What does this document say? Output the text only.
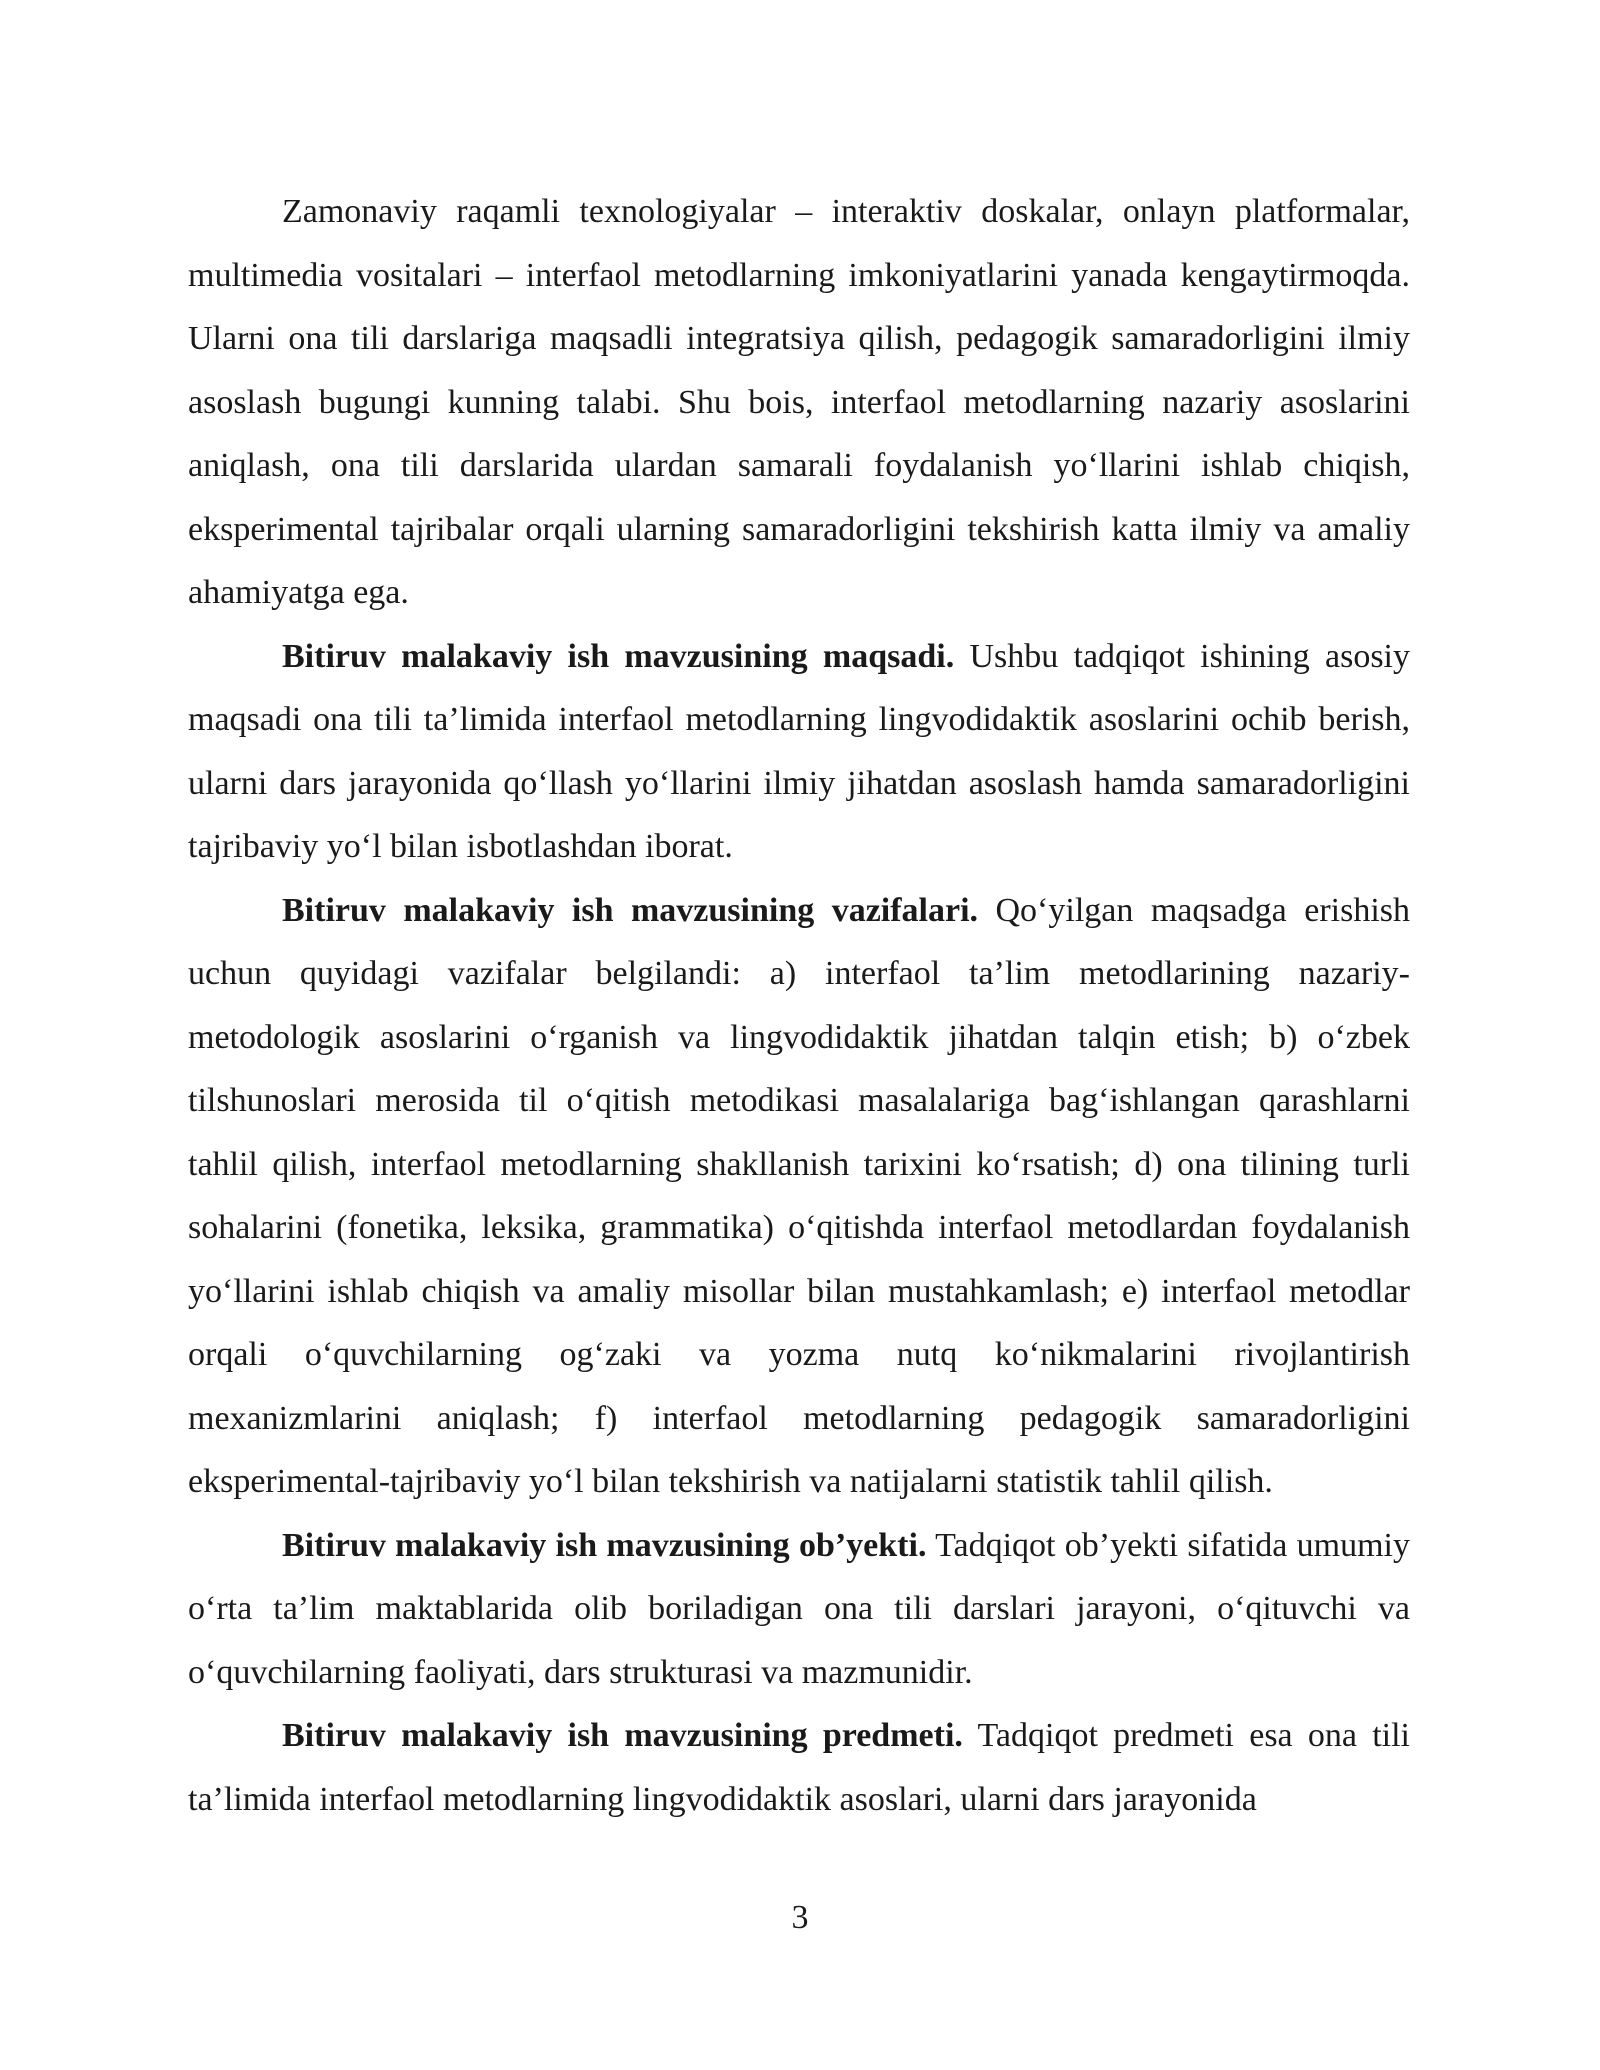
Zamonaviy raqamli texnologiyalar – interaktiv doskalar, onlayn platformalar, multimedia vositalari – interfaol metodlarning imkoniyatlarini yanada kengaytirmoqda. Ularni ona tili darslariga maqsadli integratsiya qilish, pedagogik samaradorligini ilmiy asoslash bugungi kunning talabi. Shu bois, interfaol metodlarning nazariy asoslarini aniqlash, ona tili darslarida ulardan samarali foydalanish yo‘llarini ishlab chiqish, eksperimental tajribalar orqali ularning samaradorligini tekshirish katta ilmiy va amaliy ahamiyatga ega.

Bitiruv malakaviy ish mavzusining maqsadi. Ushbu tadqiqot ishining asosiy maqsadi ona tili ta’limida interfaol metodlarning lingvodidaktik asoslarini ochib berish, ularni dars jarayonida qo‘llash yo‘llarini ilmiy jihatdan asoslash hamda samaradorligini tajribaviy yo‘l bilan isbotlashdan iborat.

Bitiruv malakaviy ish mavzusining vazifalari. Qo‘yilgan maqsadga erishish uchun quyidagi vazifalar belgilandi: a) interfaol ta’lim metodlarining nazariy-metodologik asoslarini o‘rganish va lingvodidaktik jihatdan talqin etish; b) o‘zbek tilshunoslari merosida til o‘qitish metodikasi masalalariga bag‘ishlangan qarashlarni tahlil qilish, interfaol metodlarning shakllanish tarixini ko‘rsatish; d) ona tilining turli sohalarini (fonetika, leksika, grammatika) o‘qitishda interfaol metodlardan foydalanish yo‘llarini ishlab chiqish va amaliy misollar bilan mustahkamlash; e) interfaol metodlar orqali o‘quvchilarning og‘zaki va yozma nutq ko‘nikmalarini rivojlantirish mexanizmlarini aniqlash; f) interfaol metodlarning pedagogik samaradorligini eksperimental-tajribaviy yo‘l bilan tekshirish va natijalarni statistik tahlil qilish.

Bitiruv malakaviy ish mavzusining ob’yekti. Tadqiqot ob’yekti sifatida umumiy o‘rta ta’lim maktablarida olib boriladigan ona tili darslari jarayoni, o‘qituvchi va o‘quvchilarning faoliyati, dars strukturasi va mazmunidir.

Bitiruv malakaviy ish mavzusining predmeti. Tadqiqot predmeti esa ona tili ta’limida interfaol metodlarning lingvodidaktik asoslari, ularni dars jarayonida

3
